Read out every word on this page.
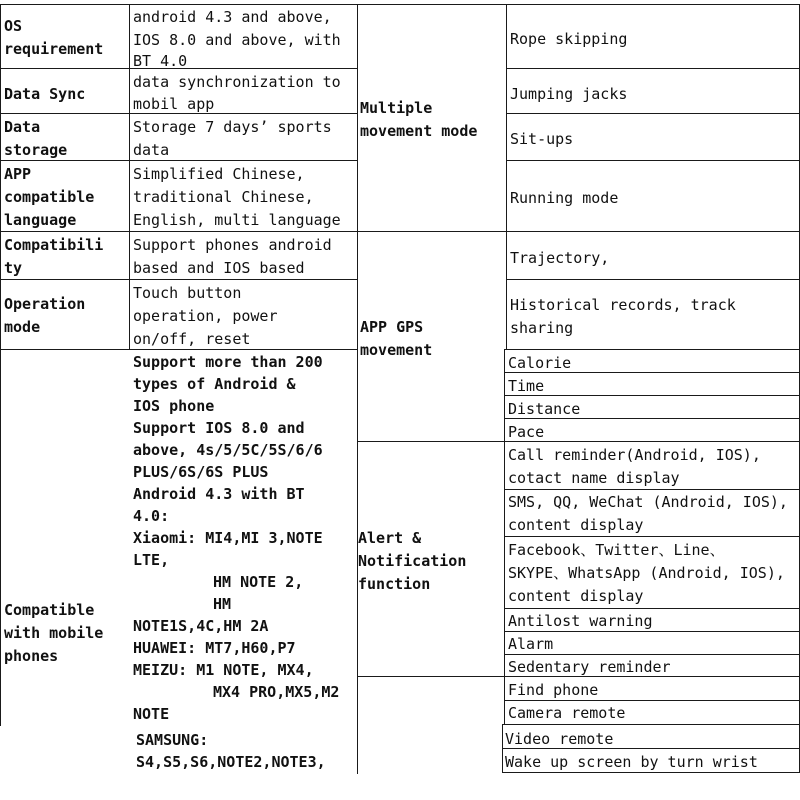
OS
requirement
android 4.3 and above,
IOS 8.0 and above, with
BT 4.0
Data Sync
data synchronization to
mobil app
Data
storage
Storage 7 days’ sports
data
APP
compatible
language
Simplified Chinese,
traditional Chinese,
English, multi language
Compatibili
ty
Support phones android
based and IOS based
Operation
mode
Touch button
operation, power
on/off, reset
Compatible
with mobile
phones
Support more than 200
types of Android &
IOS phone
Support IOS 8.0 and
above, 4s/5/5C/5S/6/6
PLUS/6S/6S PLUS
Android 4.3 with BT
4.0:
Xiaomi: MI4,MI 3,NOTE
LTE,
HM NOTE 2,
HM
NOTE1S,4C,HM 2A
HUAWEI: MT7,H60,P7
MEIZU: M1 NOTE, MX4,
MX4 PRO,MX5,M2
NOTE
SAMSUNG:
S4,S5,S6,NOTE2,NOTE3,
Multiple
movement mode
APP GPS
movement
Alert &
Notification
function
Rope skipping
Jumping jacks
Sit-ups
Running mode
Trajectory,
Historical records, track
sharing
Calorie
Time
Distance
Pace
Call reminder(Android, IOS),
cotact name display
SMS, QQ, WeChat (Android, IOS),
content display
Facebook、Twitter、Line、
SKYPE、WhatsApp (Android, IOS),
content display
Antilost warning
Alarm
Sedentary reminder
Find phone
Camera remote
Video remote
Wake up screen by turn wrist
